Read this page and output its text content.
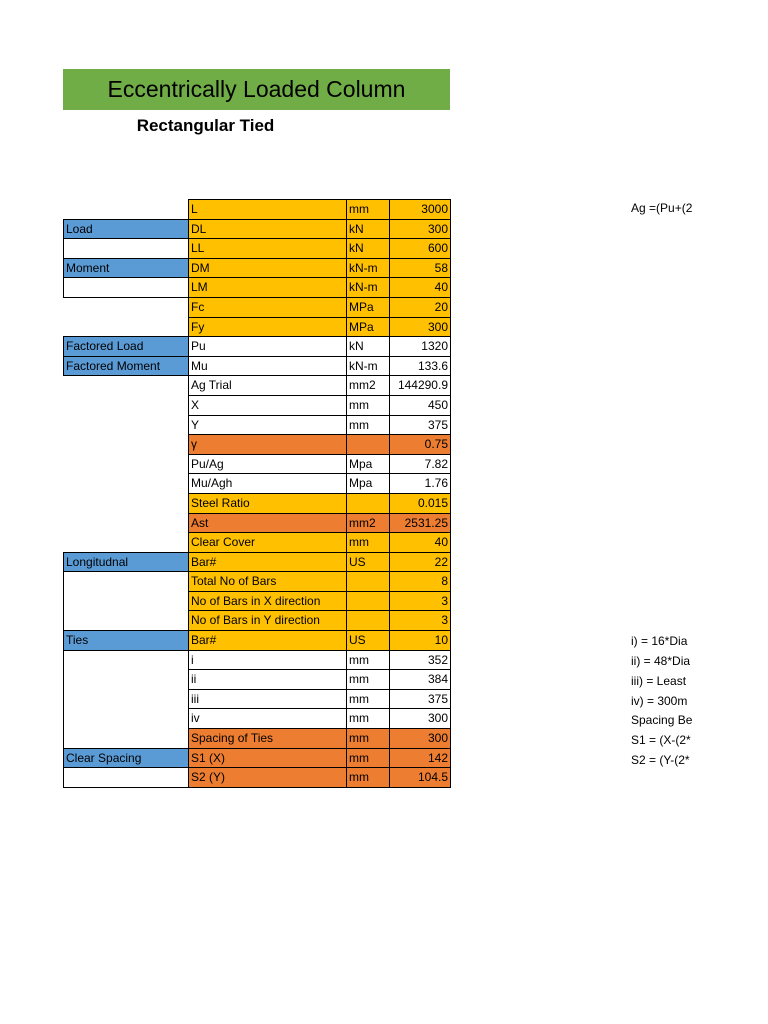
Eccentrically Loaded Column
Rectangular Tied
	L	mm	3000
Load	DL	kN	300
	LL	kN	600
Moment	DM	kN-m	58
	LM	kN-m	40
	Fc	MPa	20
	Fy	MPa	300
Factored Load	Pu	kN	1320
Factored Moment	Mu	kN-m	133.6
	Ag Trial	mm2	144290.9
	X	mm	450
	Y	mm	375
	γ		0.75
	Pu/Ag	Mpa	7.82
	Mu/Agh	Mpa	1.76
	Steel Ratio		0.015
	Ast	mm2	2531.25
	Clear Cover	mm	40
Longitudnal	Bar#	US	22
	Total No of Bars		8
	No of Bars in X direction		3
	No of Bars in Y direction		3
Ties	Bar#	US	10
	i	mm	352
	ii	mm	384
	iii	mm	375
	iv	mm	300
	Spacing of Ties	mm	300
Clear Spacing	S1 (X)	mm	142
	S2 (Y)	mm	104.5
Ag =(Pu+(2
i) = 16*Dia
ii) = 48*Dia
iii) = Least
iv) = 300m
Spacing Be
S1 = (X-(2*
S2 = (Y-(2*
